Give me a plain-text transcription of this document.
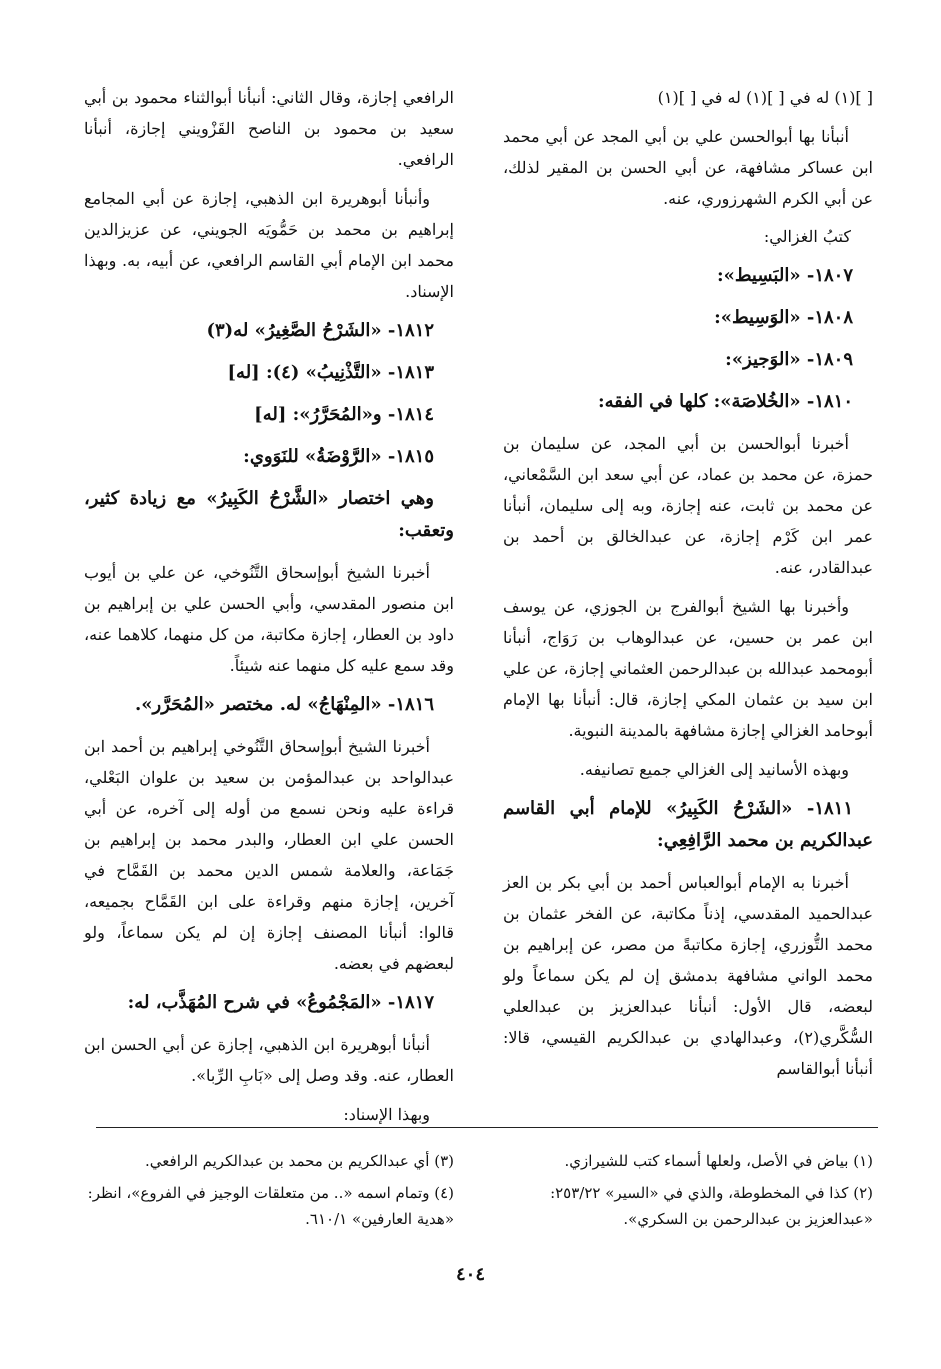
[ ](١) له في [ ](١) له في [ ](١)
أنبأنا بها أبوالحسن علي بن أبي المجد عن أبي محمد ابن عساكر مشافهة، عن أبي الحسن بن المقير لذلك، عن أبي الكرم الشهرزوري، عنه.
كتبُ الغزالي:
١٨٠٧- «البَسِيط»:
١٨٠٨- «الوَسِيط»:
١٨٠٩- «الوَجيز»:
١٨١٠- «الخُلاصَة»: كلها في الفقه:
أخبرنا أبوالحسن بن أبي المجد، عن سليمان بن حمزة، عن محمد بن عماد، عن أبي سعد ابن السَّمْعاني، عن محمد بن ثابت، عنه إجازة، وبه إلى سليمان، أنبأنا عمر ابن كَرْم إجازة، عن عبدالخالق بن أحمد بن عبدالقادر، عنه.
وأخبرنا بها الشيخ أبوالفرج بن الجوزي، عن يوسف ابن عمر بن حسين، عن عبدالوهاب بن رَوَاج، أنبأنا أبومحمد عبدالله بن عبدالرحمن العثماني إجازة، عن علي ابن سيد بن عثمان المكي إجازة، قال: أنبأنا بها الإمام أبوحامد الغزالي إجازة مشافهة بالمدينة النبوية.
وبهذه الأسانيد إلى الغزالي جميع تصانيفه.
١٨١١- «الشَرْحُ الكَبِيرُ» للإمام أبي القاسم عبدالكريم بن محمد الرَّافِعِي:
أخبرنا به الإمام أبوالعباس أحمد بن أبي بكر بن العز عبدالحميد المقدسي، إذناً مكاتبة، عن الفخر عثمان بن محمد التُّوزري، إجازة مكاتبةً من مصر، عن إبراهيم بن محمد الواني مشافهة بدمشق إن لم يكن سماعاً ولو لبعضه، قال الأول: أنبأنا عبدالعزيز بن عبدالعلي السُّكَّري(٢)، وعبدالهادي بن عبدالكريم القيسي، قالا: أنبأنا أبوالقاسم
الرافعي إجازة، وقال الثاني: أنبأنا أبوالثناء محمود بن أبي سعيد بن محمود بن الناصح القَزْويني إجازة، أنبأنا الرافعي.
وأنبأنا أبوهريرة ابن الذهبي، إجازة عن أبي المجامع إبراهيم بن محمد بن حَمُّويَه الجويني، عن عزيزالدين محمد ابن الإمام أبي القاسم الرافعي، عن أبيه، به. وبهذا الإسناد.
١٨١٢- «الشَرْحُ الصَّغِيرُ» له(٣)
١٨١٣- «التَّذْنِيبُ» (٤): [له]
١٨١٤- و«المُحَرَّرُ»: [له]
١٨١٥- «الرَّوْضَةُ» للنَوَوي:
وهي اختصار «الشَّرْحُ الكَبِيرُ» مع زيادة كثير، وتعقب:
أخبرنا الشيخ أبوإسحاق التَّنُوخي، عن علي بن أيوب ابن منصور المقدسي، وأبي الحسن علي بن إبراهيم بن داود بن العطار، إجازة مكاتبة، من كل منهما، كلاهما عنه، وقد سمع عليه كل منهما عنه شيئاً.
١٨١٦- «المِنْهَاجُ» له. مختصر «المُحَرَّر».
أخبرنا الشيخ أبوإسحاق التَّنُوخي إبراهيم بن أحمد ابن عبدالواحد بن عبدالمؤمن بن سعيد بن علوان البَعْلي، قراءة عليه ونحن نسمع من أوله إلى آخره، عن أبي الحسن علي ابن العطار، والبدر محمد بن إبراهيم بن جَمَاعة، والعلامة شمس الدين محمد بن القَمَّاح في آخرين، إجازة منهم وقراءة على ابن القَمَّاح بجميعه، قالوا: أنبأنا المصنف إجازة إن لم يكن سماعاً، ولو لبعضهم في بعضه.
١٨١٧- «المَجْمُوعُ» في شرح المُهَذَّب، له:
أنبأنا أبوهريرة ابن الذهبي، إجازة عن أبي الحسن ابن العطار، عنه. وقد وصل إلى «بَابِ الرِّبا».
وبهذا الإسناد:
(١) بياض في الأصل، ولعلها أسماء كتب للشيرازي.
(٢) كذا في المخطوطة، والذي في «السير» ٢٥٣/٢٢: «عبدالعزيز بن عبدالرحمن بن السكري».
(٣) أي عبدالكريم بن محمد بن عبدالكريم الرافعي.
(٤) وتمام اسمه «.. من متعلقات الوجيز في الفروع»، انظر: «هدية العارفين» ٦١٠/١.
٤٠٤
